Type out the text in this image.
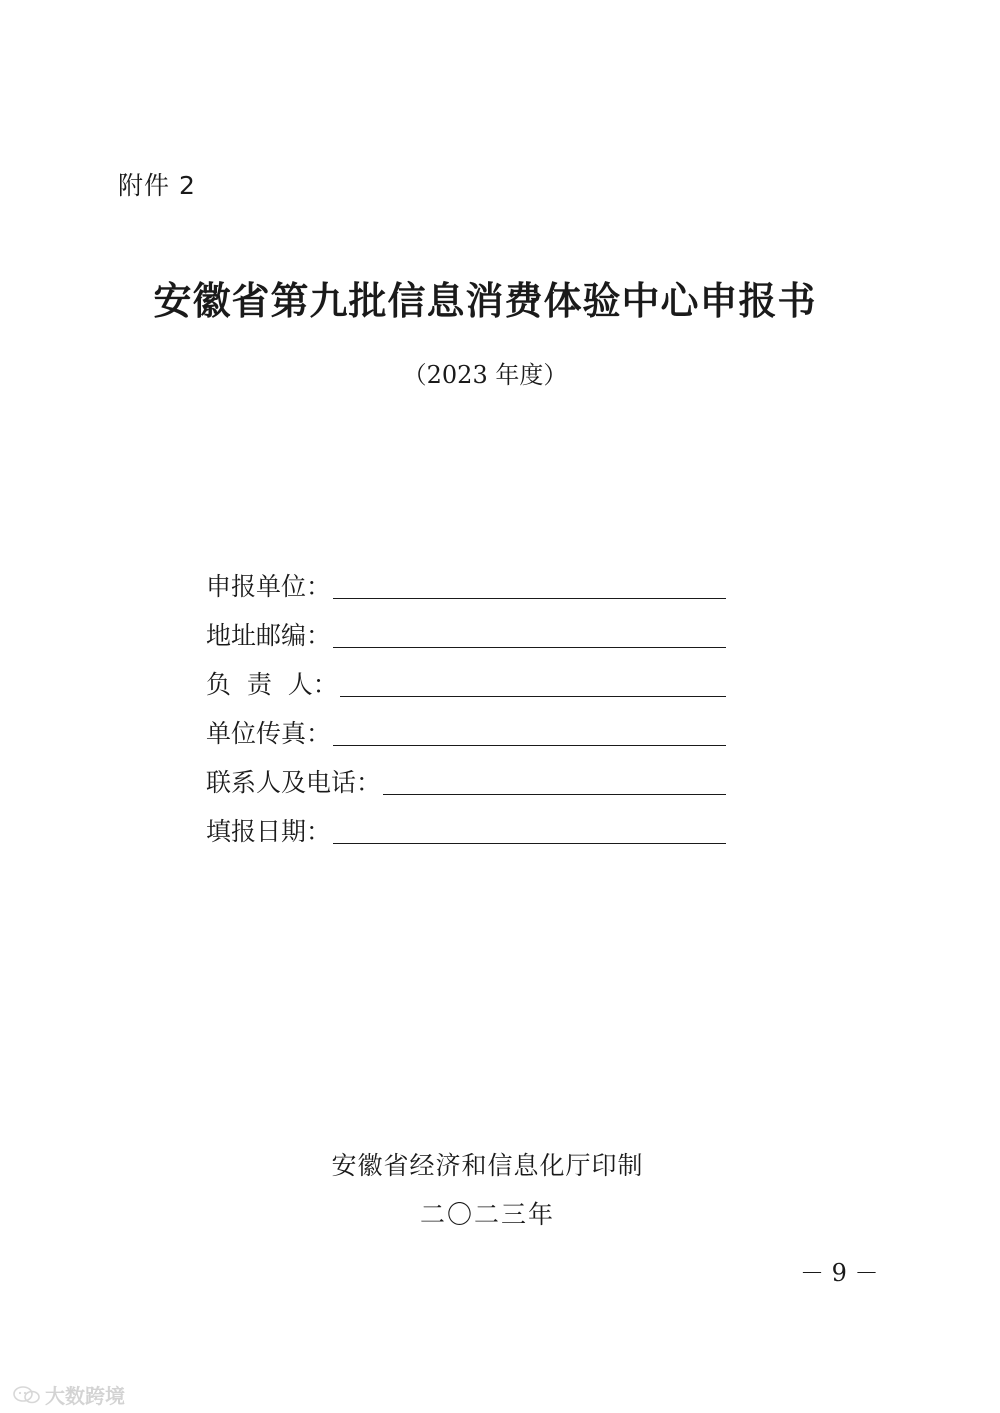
附件 2
安徽省第九批信息消费体验中心申报书
（2023 年度）
申报单位：
地址邮编：
负  责  人：
单位传真：
联系人及电话：
填报日期：
安徽省经济和信息化厅印制
二〇二三年
－ 9 －
大数跨境
